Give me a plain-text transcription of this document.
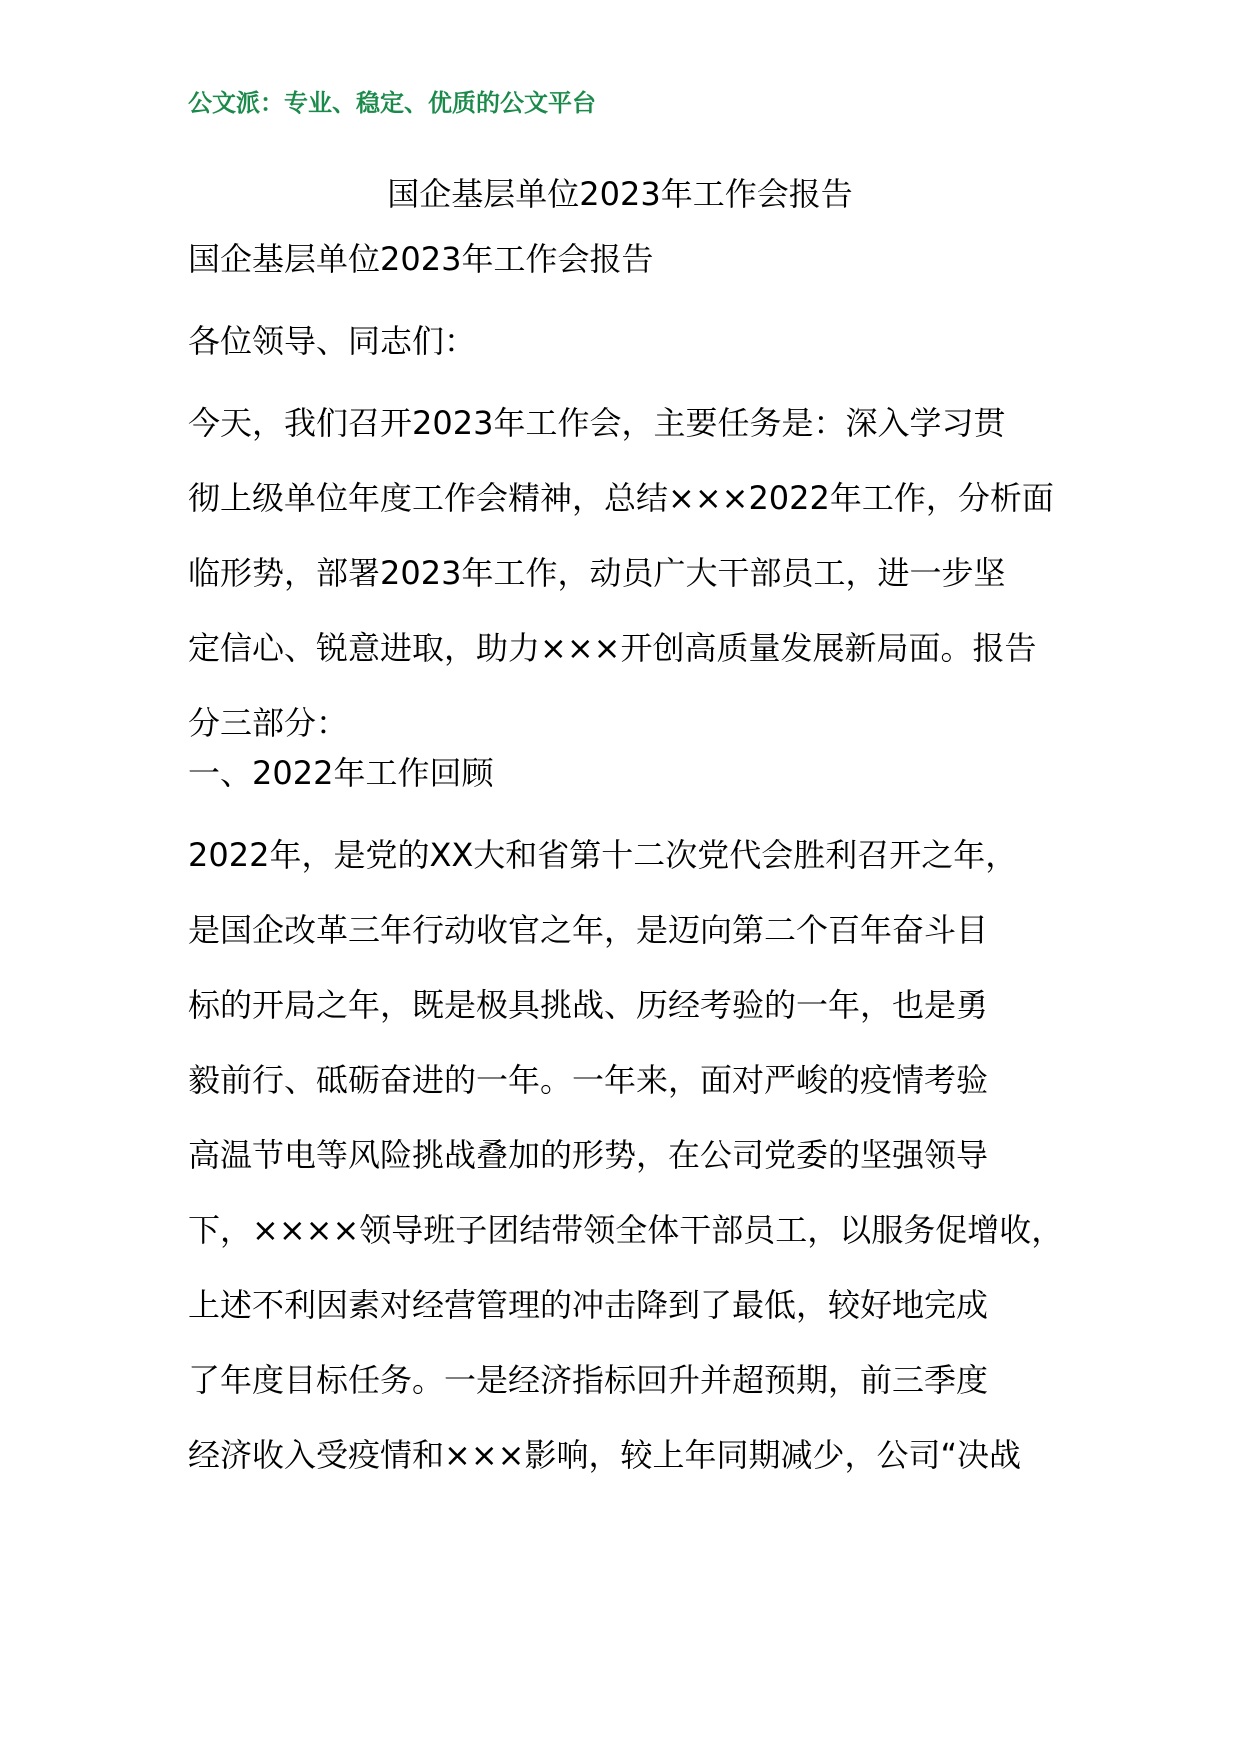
公文派：专业、稳定、优质的公文平台
国企基层单位2023年工作会报告

国企基层单位2023年工作会报告

各位领导、同志们：

今天，我们召开2023年工作会，主要任务是：深入学习贯
彻上级单位年度工作会精神，总结×××2022年工作，分析面
临形势，部署2023年工作，动员广大干部员工，进一步坚
定信心、锐意进取，助力×××开创高质量发展新局面。报告
分三部分：

一、2022年工作回顾

2022年，是党的XX大和省第十二次党代会胜利召开之年，
是国企改革三年行动收官之年，是迈向第二个百年奋斗目
标的开局之年，既是极具挑战、历经考验的一年，也是勇
毅前行、砥砺奋进的一年。一年来，面对严峻的疫情考验
高温节电等风险挑战叠加的形势，在公司党委的坚强领导
下，××××领导班子团结带领全体干部员工，以服务促增收，
上述不利因素对经营管理的冲击降到了最低，较好地完成
了年度目标任务。一是经济指标回升并超预期，前三季度
经济收入受疫情和×××影响，较上年同期减少，公司“决战
